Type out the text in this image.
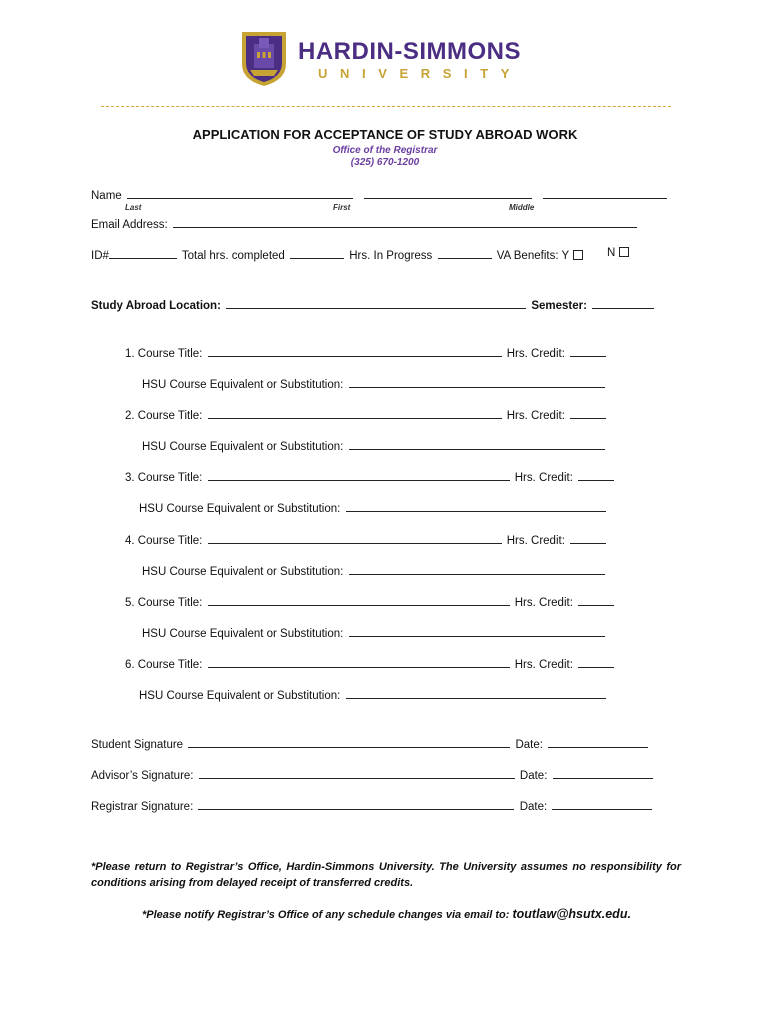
HARDIN-SIMMONS
UNIVERSITY
APPLICATION FOR ACCEPTANCE OF STUDY ABROAD WORK
Office of the Registrar
(325) 670-1200
Name
Last	First	Middle
Email Address:
ID#	Total hrs. completed	Hrs. In Progress	VA Benefits: Y	N
Study Abroad Location:	Semester:
1. Course Title:	Hrs. Credit:
HSU Course Equivalent or Substitution:
2. Course Title:	Hrs. Credit:
HSU Course Equivalent or Substitution:
3. Course Title:	Hrs. Credit:
HSU Course Equivalent or Substitution:
4. Course Title:	Hrs. Credit:
HSU Course Equivalent or Substitution:
5. Course Title:	Hrs. Credit:
HSU Course Equivalent or Substitution:
6. Course Title:	Hrs. Credit:
HSU Course Equivalent or Substitution:
Student Signature	Date:
Advisor’s Signature:	Date:
Registrar Signature:	Date:
*Please return to Registrar’s Office, Hardin-Simmons University. The University assumes no responsibility for conditions arising from delayed receipt of transferred credits.
*Please notify Registrar’s Office of any schedule changes via email to: toutlaw@hsutx.edu.
